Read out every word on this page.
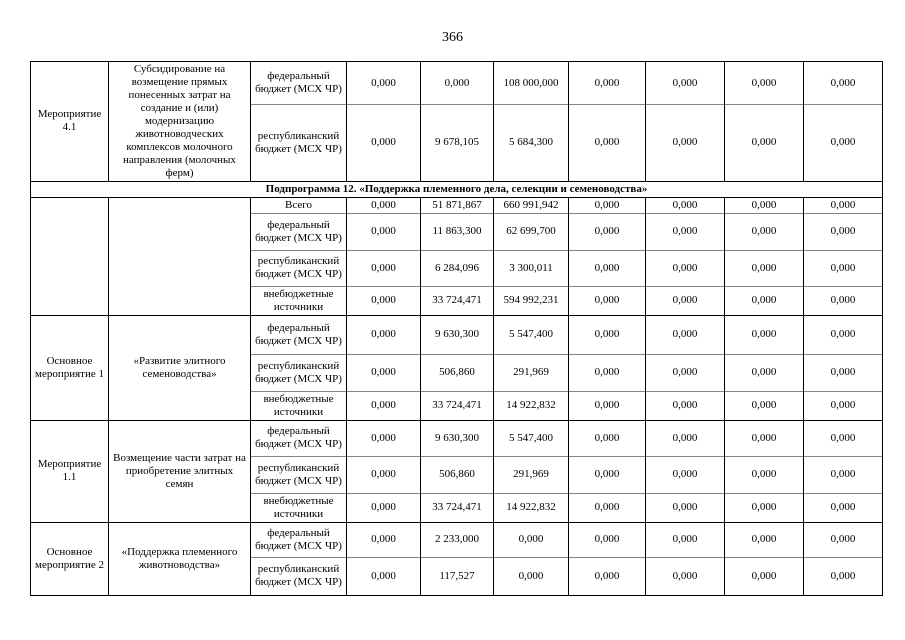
366
Мероприятие 4.1	Субсидирование на возмещение прямых понесенных затрат на создание и (или) модернизацию животноводческих комплексов молочного направления (молочных ферм)	федеральный бюджет (МСХ ЧР)	0,000	0,000	108 000,000	0,000	0,000	0,000	0,000
		республиканский бюджет (МСХ ЧР)	0,000	9 678,105	5 684,300	0,000	0,000	0,000	0,000
Подпрограмма 12. «Поддержка племенного дела, селекции и семеноводства»									
		Всего	0,000	51 871,867	660 991,942	0,000	0,000	0,000	0,000
		федеральный бюджет (МСХ ЧР)	0,000	11 863,300	62 699,700	0,000	0,000	0,000	0,000
		республиканский бюджет (МСХ ЧР)	0,000	6 284,096	3 300,011	0,000	0,000	0,000	0,000
		внебюджетные источники	0,000	33 724,471	594 992,231	0,000	0,000	0,000	0,000
Основное мероприятие 1	«Развитие элитного семеноводства»	федеральный бюджет (МСХ ЧР)	0,000	9 630,300	5 547,400	0,000	0,000	0,000	0,000
		республиканский бюджет (МСХ ЧР)	0,000	506,860	291,969	0,000	0,000	0,000	0,000
		внебюджетные источники	0,000	33 724,471	14 922,832	0,000	0,000	0,000	0,000
Мероприятие 1.1	Возмещение части затрат на приобретение элитных семян	федеральный бюджет (МСХ ЧР)	0,000	9 630,300	5 547,400	0,000	0,000	0,000	0,000
		республиканский бюджет (МСХ ЧР)	0,000	506,860	291,969	0,000	0,000	0,000	0,000
		внебюджетные источники	0,000	33 724,471	14 922,832	0,000	0,000	0,000	0,000
Основное мероприятие 2	«Поддержка племенного животноводства»	федеральный бюджет (МСХ ЧР)	0,000	2 233,000	0,000	0,000	0,000	0,000	0,000
		республиканский бюджет (МСХ ЧР)	0,000	117,527	0,000	0,000	0,000	0,000	0,000
